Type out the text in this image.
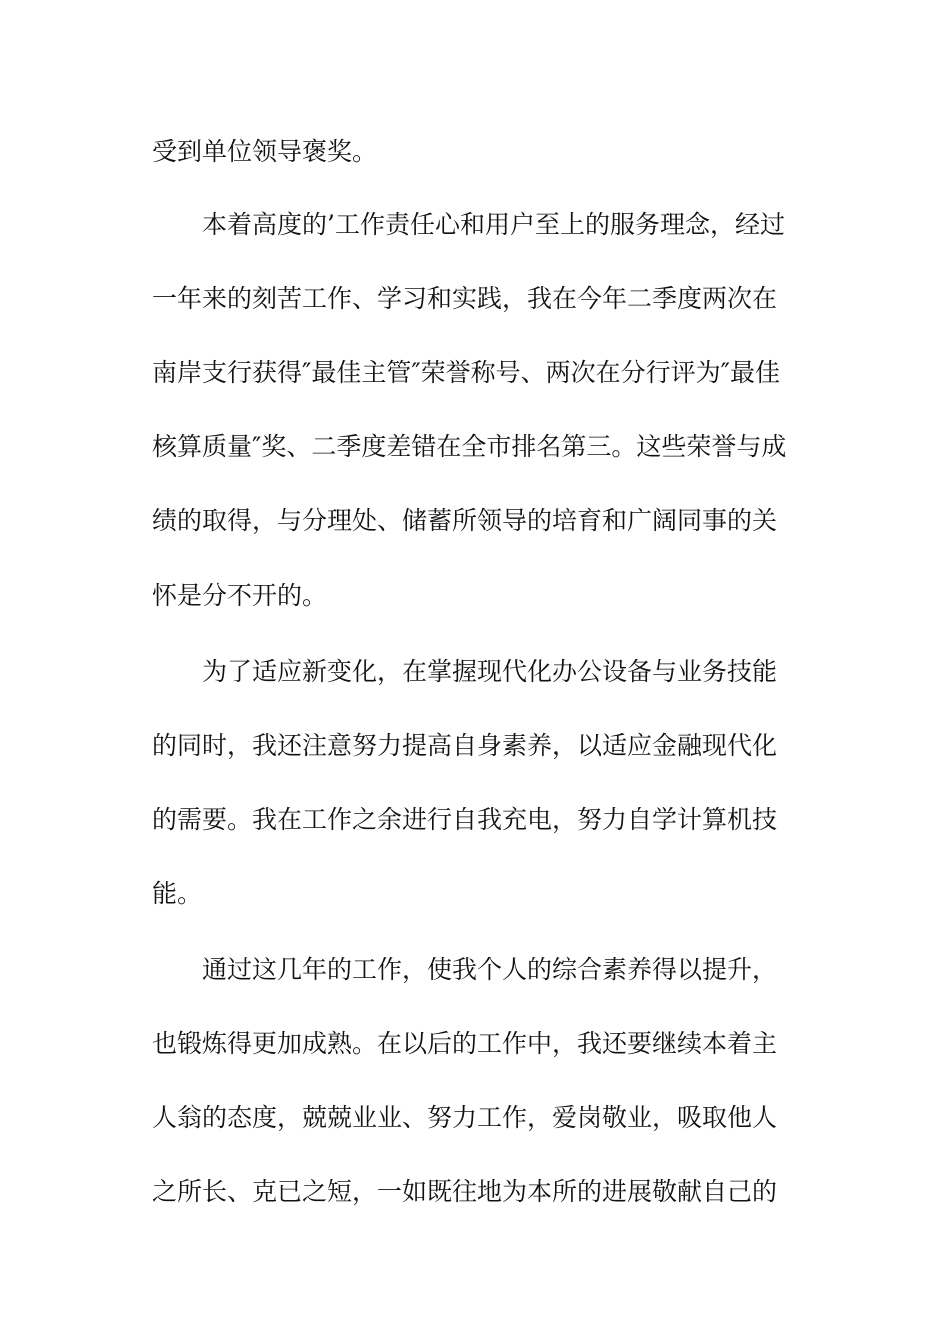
受到单位领导褒奖。
本着高度的’工作责任心和用户至上的服务理念，经过
一年来的刻苦工作、学习和实践，我在今年二季度两次在
南岸支行获得″最佳主管″荣誉称号、两次在分行评为″最佳
核算质量″奖、二季度差错在全市排名第三。这些荣誉与成
绩的取得，与分理处、储蓄所领导的培育和广阔同事的关
怀是分不开的。
为了适应新变化，在掌握现代化办公设备与业务技能
的同时，我还注意努力提高自身素养，以适应金融现代化
的需要。我在工作之余进行自我充电，努力自学计算机技
能。
通过这几年的工作，使我个人的综合素养得以提升，
也锻炼得更加成熟。在以后的工作中，我还要继续本着主
人翁的态度，兢兢业业、努力工作，爱岗敬业，吸取他人
之所长、克已之短，一如既往地为本所的进展敬献自己的
